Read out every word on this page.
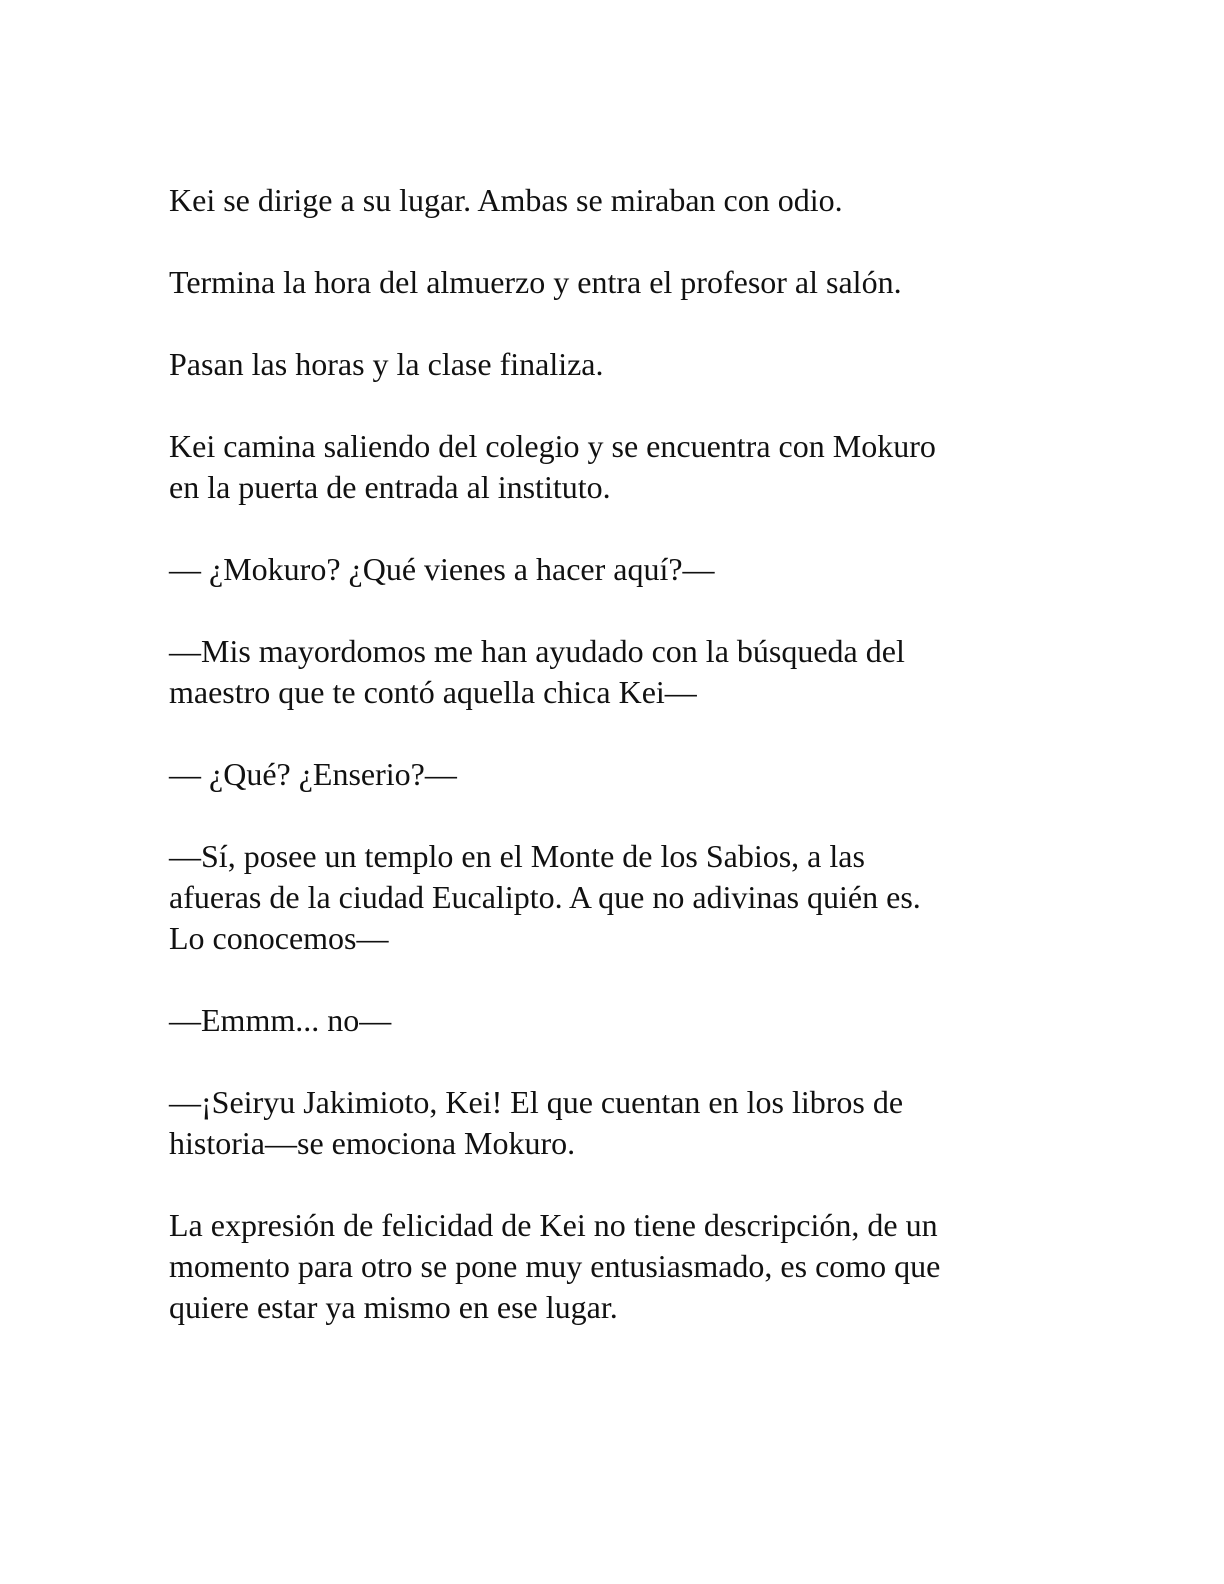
Kei se dirige a su lugar. Ambas se miraban con odio.

Termina la hora del almuerzo y entra el profesor al salón.

Pasan las horas y la clase finaliza.

Kei camina saliendo del colegio y se encuentra con Mokuro
en la puerta de entrada al instituto.

— ¿Mokuro? ¿Qué vienes a hacer aquí?—

—Mis mayordomos me han ayudado con la búsqueda del
maestro que te contó aquella chica Kei—

— ¿Qué? ¿Enserio?—

—Sí, posee un templo en el Monte de los Sabios, a las
afueras de la ciudad Eucalipto. A que no adivinas quién es.
Lo conocemos—

—Emmm... no—

—¡Seiryu Jakimioto, Kei! El que cuentan en los libros de
historia—se emociona Mokuro.

La expresión de felicidad de Kei no tiene descripción, de un
momento para otro se pone muy entusiasmado, es como que
quiere estar ya mismo en ese lugar.
